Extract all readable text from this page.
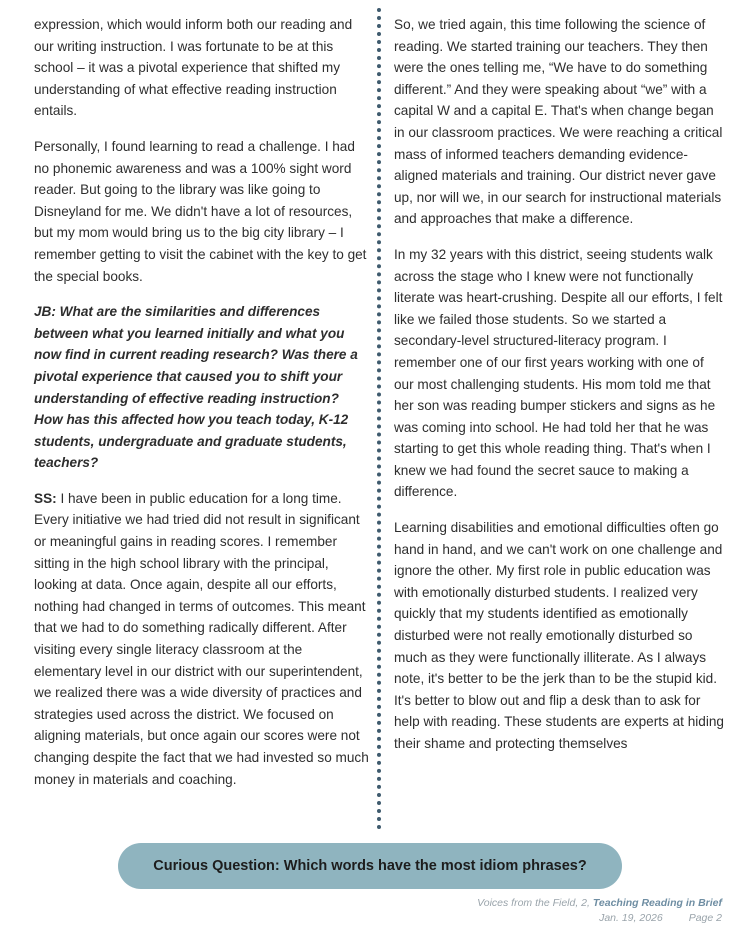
expression, which would inform both our reading and our writing instruction. I was fortunate to be at this school – it was a pivotal experience that shifted my understanding of what effective reading instruction entails.

Personally, I found learning to read a challenge. I had no phonemic awareness and was a 100% sight word reader. But going to the library was like going to Disneyland for me. We didn't have a lot of resources, but my mom would bring us to the big city library – I remember getting to visit the cabinet with the key to get the special books.

JB: What are the similarities and differences between what you learned initially and what you now find in current reading research? Was there a pivotal experience that caused you to shift your understanding of effective reading instruction? How has this affected how you teach today, K-12 students, undergraduate and graduate students, teachers?

SS: I have been in public education for a long time. Every initiative we had tried did not result in significant or meaningful gains in reading scores. I remember sitting in the high school library with the principal, looking at data. Once again, despite all our efforts, nothing had changed in terms of outcomes. This meant that we had to do something radically different. After visiting every single literacy classroom at the elementary level in our district with our superintendent, we realized there was a wide diversity of practices and strategies used across the district. We focused on aligning materials, but once again our scores were not changing despite the fact that we had invested so much money in materials and coaching.

So, we tried again, this time following the science of reading. We started training our teachers. They then were the ones telling me, “We have to do something different.” And they were speaking about “we” with a capital W and a capital E. That's when change began in our classroom practices. We were reaching a critical mass of informed teachers demanding evidence-aligned materials and training. Our district never gave up, nor will we, in our search for instructional materials and approaches that make a difference.

In my 32 years with this district, seeing students walk across the stage who I knew were not functionally literate was heart-crushing. Despite all our efforts, I felt like we failed those students. So we started a secondary-level structured-literacy program. I remember one of our first years working with one of our most challenging students. His mom told me that her son was reading bumper stickers and signs as he was coming into school. He had told her that he was starting to get this whole reading thing. That's when I knew we had found the secret sauce to making a difference.

Learning disabilities and emotional difficulties often go hand in hand, and we can't work on one challenge and ignore the other. My first role in public education was with emotionally disturbed students. I realized very quickly that my students identified as emotionally disturbed were not really emotionally disturbed so much as they were functionally illiterate. As I always note, it's better to be the jerk than to be the stupid kid. It's better to blow out and flip a desk than to ask for help with reading. These students are experts at hiding their shame and protecting themselves

Curious Question: Which words have the most idiom phrases?
Voices from the Field, 2, Teaching Reading in Brief
Jan. 19, 2026 Page 2
